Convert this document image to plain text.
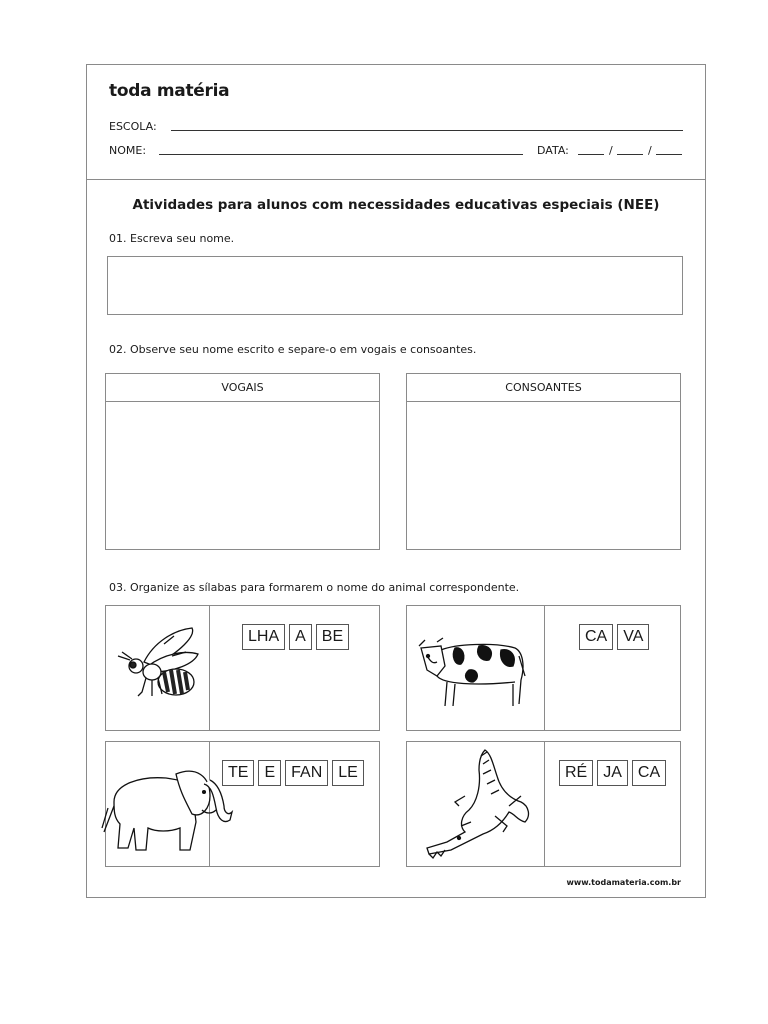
toda matéria
ESCOLA:
NOME:	DATA:	/	/
Atividades para alunos com necessidades educativas especiais (NEE)
01. Escreva seu nome.
02. Observe seu nome escrito e separe-o em vogais e consoantes.
VOGAIS	CONSOANTES
03. Organize as sílabas para formarem o nome do animal correspondente.
LHA	A	BE	CA	VA
TE	E	FAN	LE	RÉ	JA	CA
www.todamateria.com.br
